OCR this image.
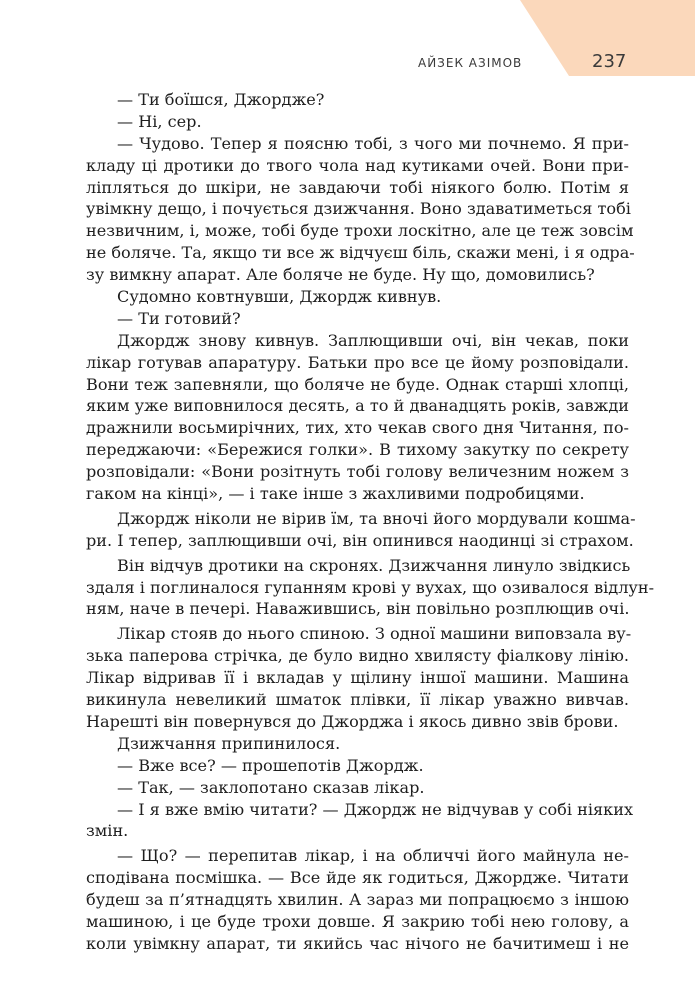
АЙЗЕК АЗІМОВ	237
— Ти боїшся, Джордже?
— Ні, сер.
— Чудово. Тепер я поясню тобі, з чого ми почнемо. Я при-
кладу ці дротики до твого чола над кутиками очей. Вони при-
ліпляться до шкіри, не завдаючи тобі ніякого болю. Потім я
увімкну дещо, і почується дзижчання. Воно здаватиметься тобі
незвичним, і, може, тобі буде трохи лоскітно, але це теж зовсім
не боляче. Та, якщо ти все ж відчуєш біль, скажи мені, і я одра-
зу вимкну апарат. Але боляче не буде. Ну що, домовились?
Судомно ковтнувши, Джордж кивнув.
— Ти готовий?
Джордж знову кивнув. Заплющивши очі, він чекав, поки
лікар готував апаратуру. Батьки про все це йому розповідали.
Вони теж запевняли, що боляче не буде. Однак старші хлопці,
яким уже виповнилося десять, а то й дванадцять років, завжди
дражнили восьмирічних, тих, хто чекав свого дня Читання, по-
переджаючи: «Бережися голки». В тихому закутку по секрету
розповідали: «Вони розітнуть тобі голову величезним ножем з
гаком на кінці», — і таке інше з жахливими подробицями.
Джордж ніколи не вірив їм, та вночі його мордували кошма-
ри. І тепер, заплющивши очі, він опинився наодинці зі страхом.
Він відчув дротики на скронях. Дзижчання линуло звідкись
здаля і поглиналося гупанням крові у вухах, що озивалося відлун-
ням, наче в печері. Наважившись, він повільно розплющив очі.
Лікар стояв до нього спиною. З одної машини виповзала ву-
зька паперова стрічка, де було видно хвилясту фіалкову лінію.
Лікар відривав її і вкладав у щілину іншої машини. Машина
викинула невеликий шматок плівки, її лікар уважно вивчав.
Нарешті він повернувся до Джорджа і якось дивно звів брови.
Дзижчання припинилося.
— Вже все? — прошепотів Джордж.
— Так, — заклопотано сказав лікар.
— І я вже вмію читати? — Джордж не відчував у собі ніяких
змін.
— Що? — перепитав лікар, і на обличчі його майнула не-
сподівана посмішка. — Все йде як годиться, Джордже. Читати
будеш за п’ятнадцять хвилин. А зараз ми попрацюємо з іншою
машиною, і це буде трохи довше. Я закрию тобі нею голову, а
коли увімкну апарат, ти якийсь час нічого не бачитимеш і не
